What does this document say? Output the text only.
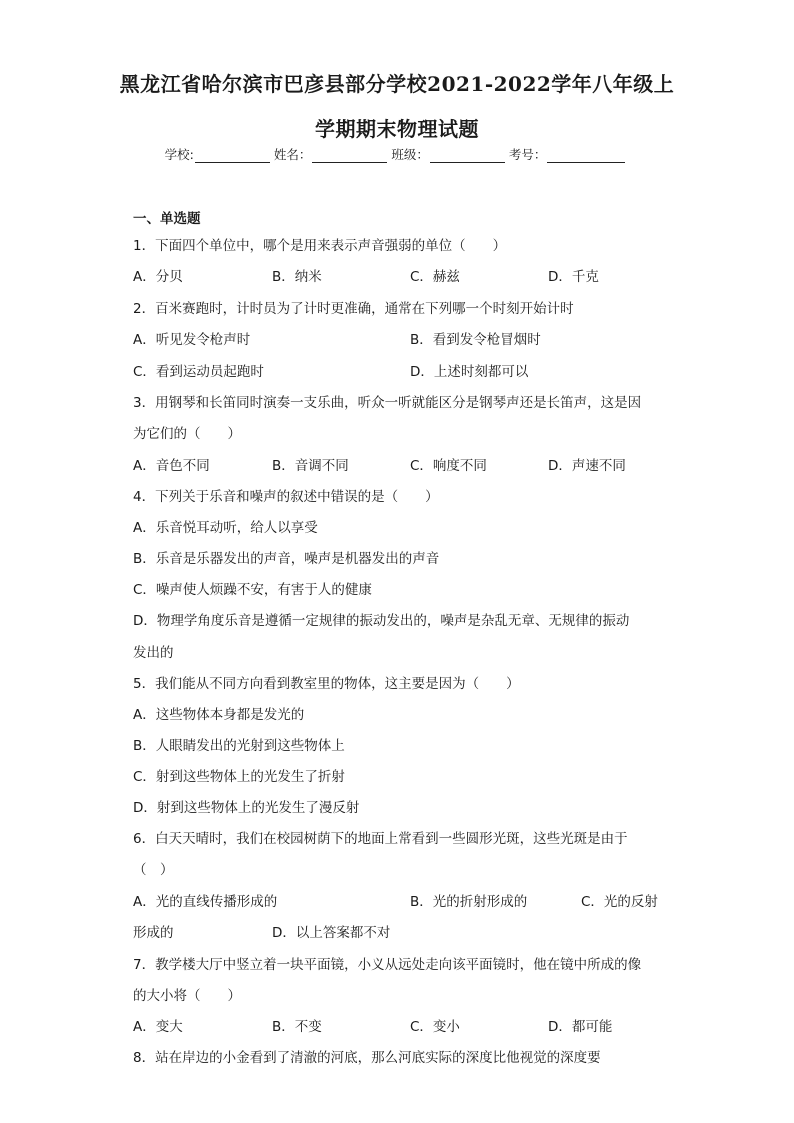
黑龙江省哈尔滨市巴彦县部分学校2021-2022学年八年级上
学期期末物理试题
学校:	姓名：	班级：	考号：
一、单选题
1．下面四个单位中，哪个是用来表示声音强弱的单位（　　）
A．分贝	B．纳米	C．赫兹	D．千克
2．百米赛跑时，计时员为了计时更准确，通常在下列哪一个时刻开始计时
A．听见发令枪声时	B．看到发令枪冒烟时
C．看到运动员起跑时	D．上述时刻都可以
3．用钢琴和长笛同时演奏一支乐曲，听众一听就能区分是钢琴声还是长笛声，这是因
为它们的（　　）
A．音色不同	B．音调不同	C．响度不同	D．声速不同
4．下列关于乐音和噪声的叙述中错误的是（　　）
A．乐音悦耳动听，给人以享受
B．乐音是乐器发出的声音，噪声是机器发出的声音
C．噪声使人烦躁不安，有害于人的健康
D．物理学角度乐音是遵循一定规律的振动发出的，噪声是杂乱无章、无规律的振动
发出的
5．我们能从不同方向看到教室里的物体，这主要是因为（　　）
A．这些物体本身都是发光的
B．人眼睛发出的光射到这些物体上
C．射到这些物体上的光发生了折射
D．射到这些物体上的光发生了漫反射
6．白天天晴时，我们在校园树荫下的地面上常看到一些圆形光斑，这些光斑是由于
（　）
A．光的直线传播形成的	B．光的折射形成的	C．光的反射
形成的	D．以上答案都不对
7．教学楼大厅中竖立着一块平面镜，小义从远处走向该平面镜时，他在镜中所成的像
的大小将（　　）
A．变大	B．不变	C．变小	D．都可能
8．站在岸边的小金看到了清澈的河底，那么河底实际的深度比他视觉的深度要
